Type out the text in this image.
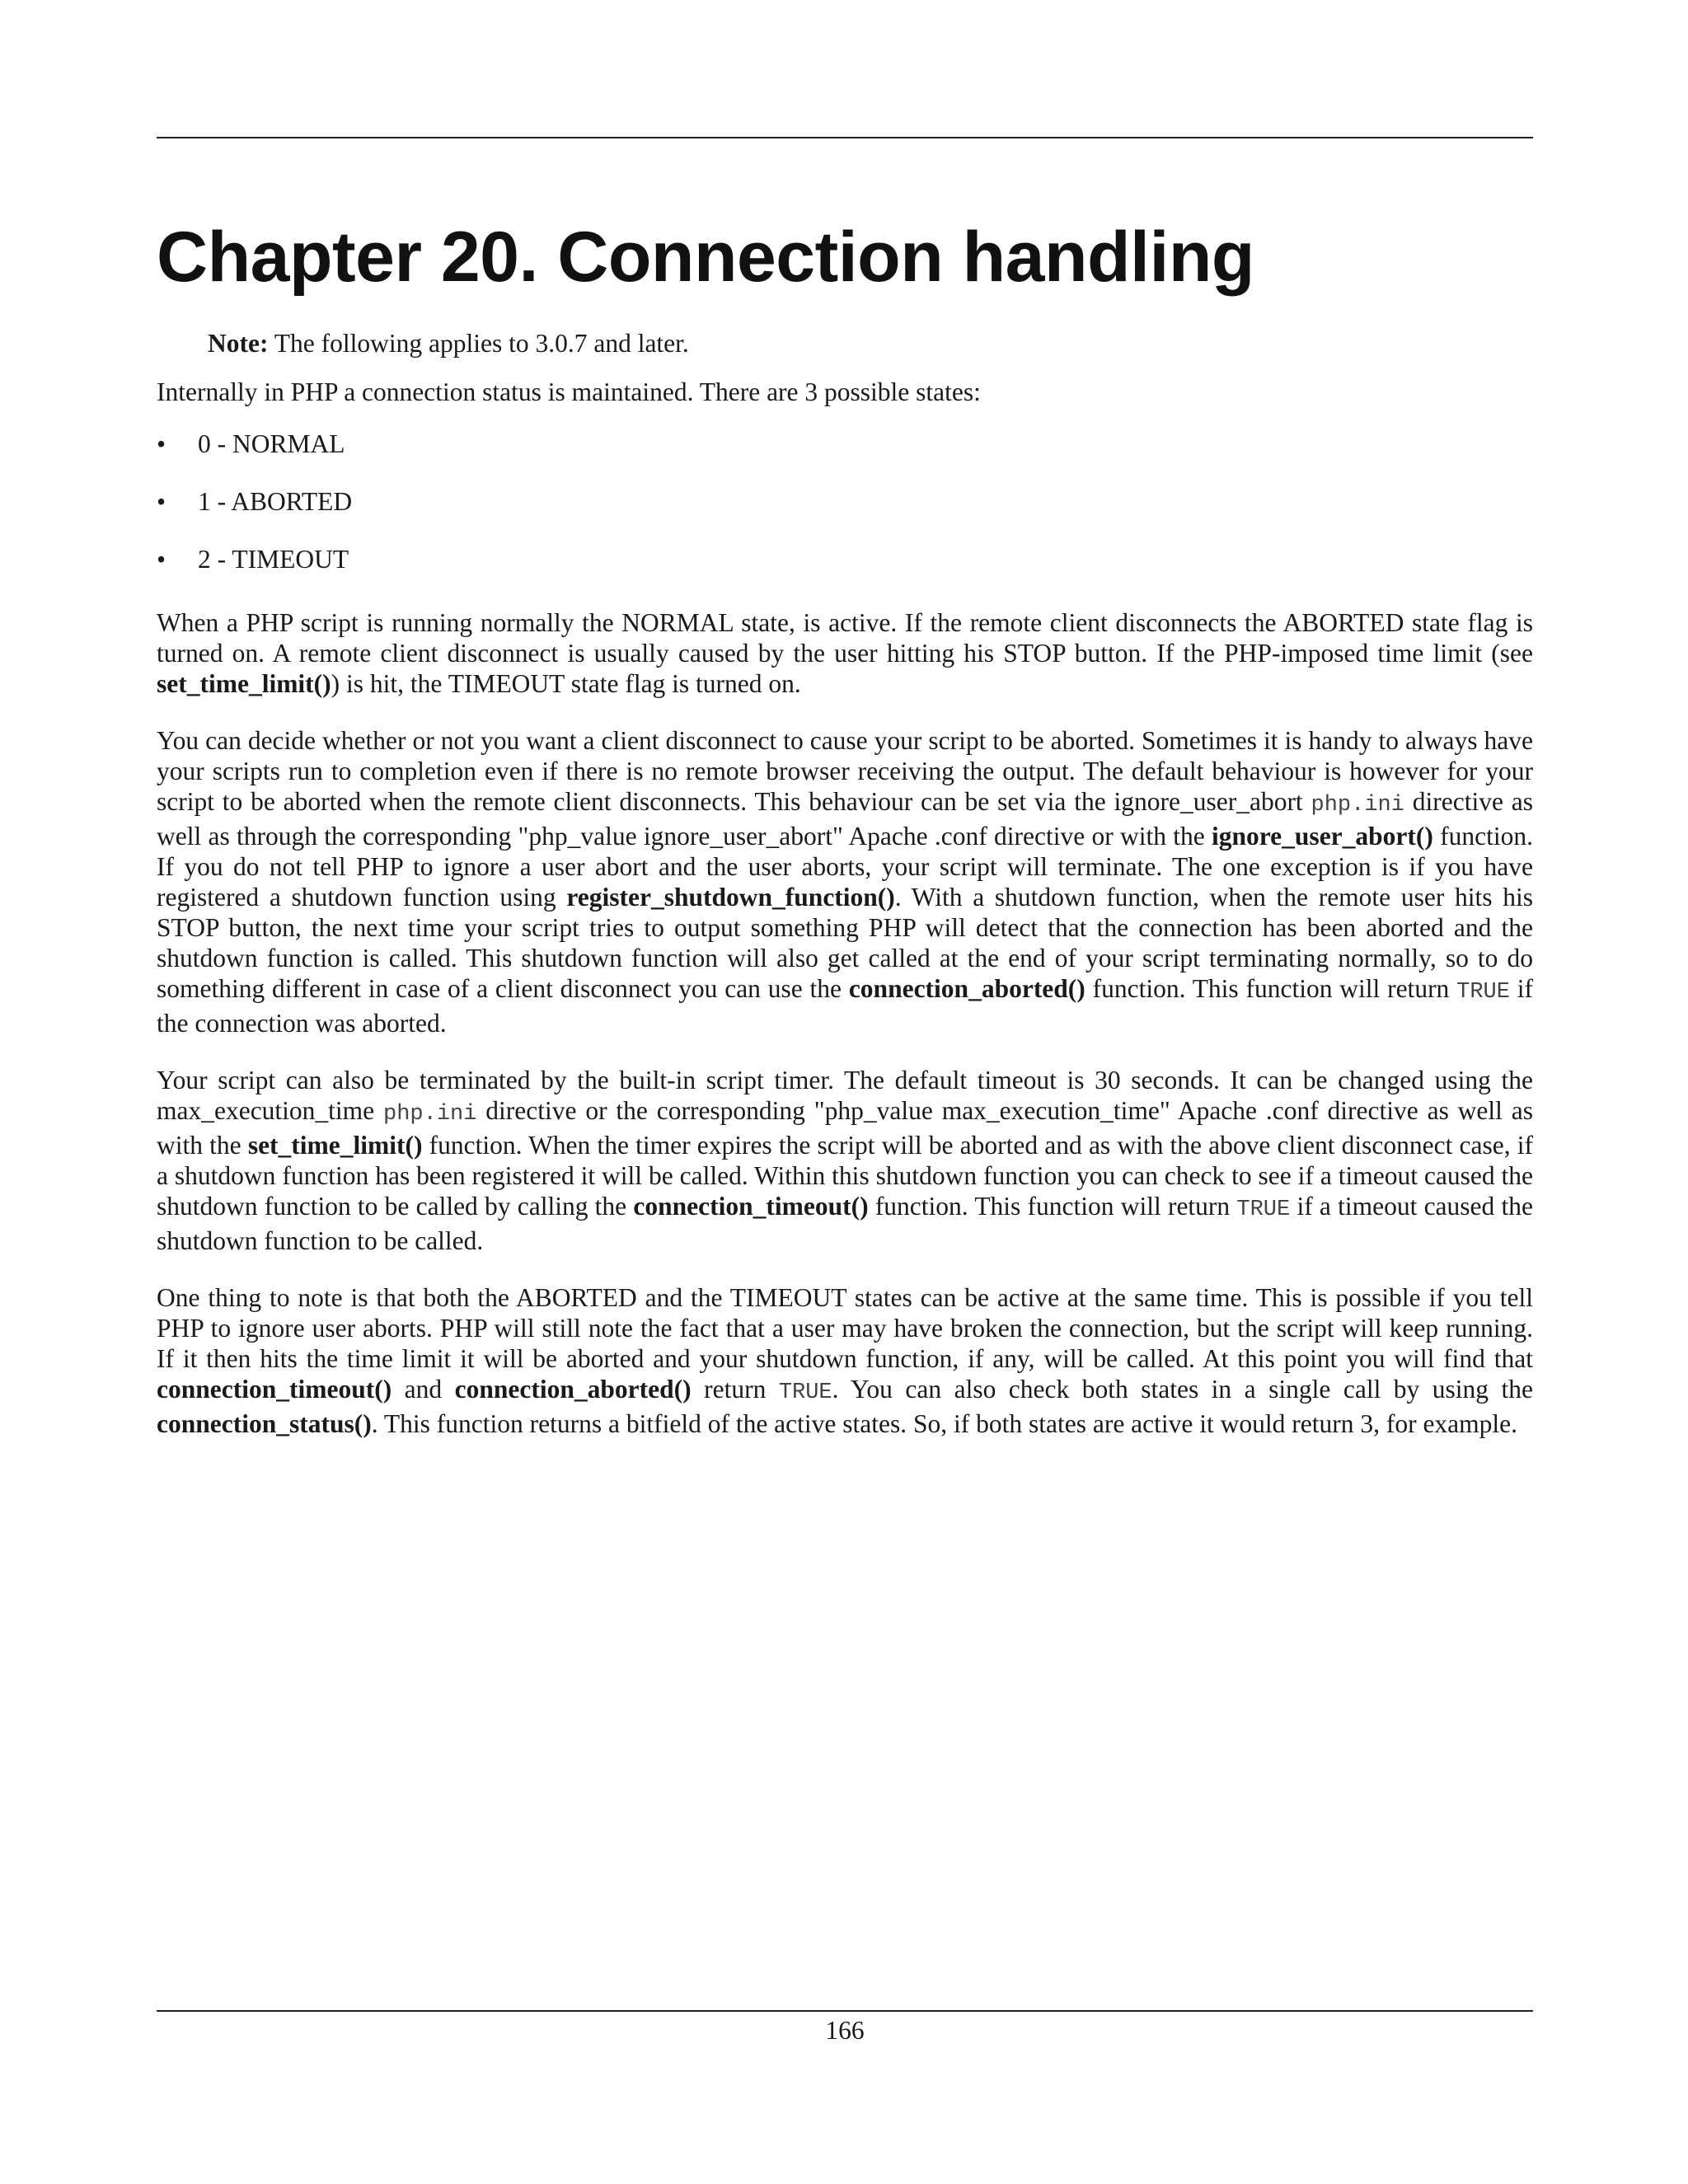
Chapter 20. Connection handling
Note: The following applies to 3.0.7 and later.

Internally in PHP a connection status is maintained. There are 3 possible states:

• 0 - NORMAL
• 1 - ABORTED
• 2 - TIMEOUT

When a PHP script is running normally the NORMAL state, is active. If the remote client disconnects the ABORTED state flag is turned on. A remote client disconnect is usually caused by the user hitting his STOP button. If the PHP-imposed time limit (see set_time_limit()) is hit, the TIMEOUT state flag is turned on.

You can decide whether or not you want a client disconnect to cause your script to be aborted. Sometimes it is handy to always have your scripts run to completion even if there is no remote browser receiving the output. The default behaviour is however for your script to be aborted when the remote client disconnects. This behaviour can be set via the ignore_user_abort php.ini directive as well as through the corresponding "php_value ignore_user_abort" Apache .conf directive or with the ignore_user_abort() function. If you do not tell PHP to ignore a user abort and the user aborts, your script will terminate. The one exception is if you have registered a shutdown function using register_shutdown_function(). With a shutdown function, when the remote user hits his STOP button, the next time your script tries to output something PHP will detect that the connection has been aborted and the shutdown function is called. This shutdown function will also get called at the end of your script terminating normally, so to do something different in case of a client disconnect you can use the connection_aborted() function. This function will return TRUE if the connection was aborted.

Your script can also be terminated by the built-in script timer. The default timeout is 30 seconds. It can be changed using the max_execution_time php.ini directive or the corresponding "php_value max_execution_time" Apache .conf directive as well as with the set_time_limit() function. When the timer expires the script will be aborted and as with the above client disconnect case, if a shutdown function has been registered it will be called. Within this shutdown function you can check to see if a timeout caused the shutdown function to be called by calling the connection_timeout() function. This function will return TRUE if a timeout caused the shutdown function to be called.

One thing to note is that both the ABORTED and the TIMEOUT states can be active at the same time. This is possible if you tell PHP to ignore user aborts. PHP will still note the fact that a user may have broken the connection, but the script will keep running. If it then hits the time limit it will be aborted and your shutdown function, if any, will be called. At this point you will find that connection_timeout() and connection_aborted() return TRUE. You can also check both states in a single call by using the connection_status(). This function returns a bitfield of the active states. So, if both states are active it would return 3, for example.

166
